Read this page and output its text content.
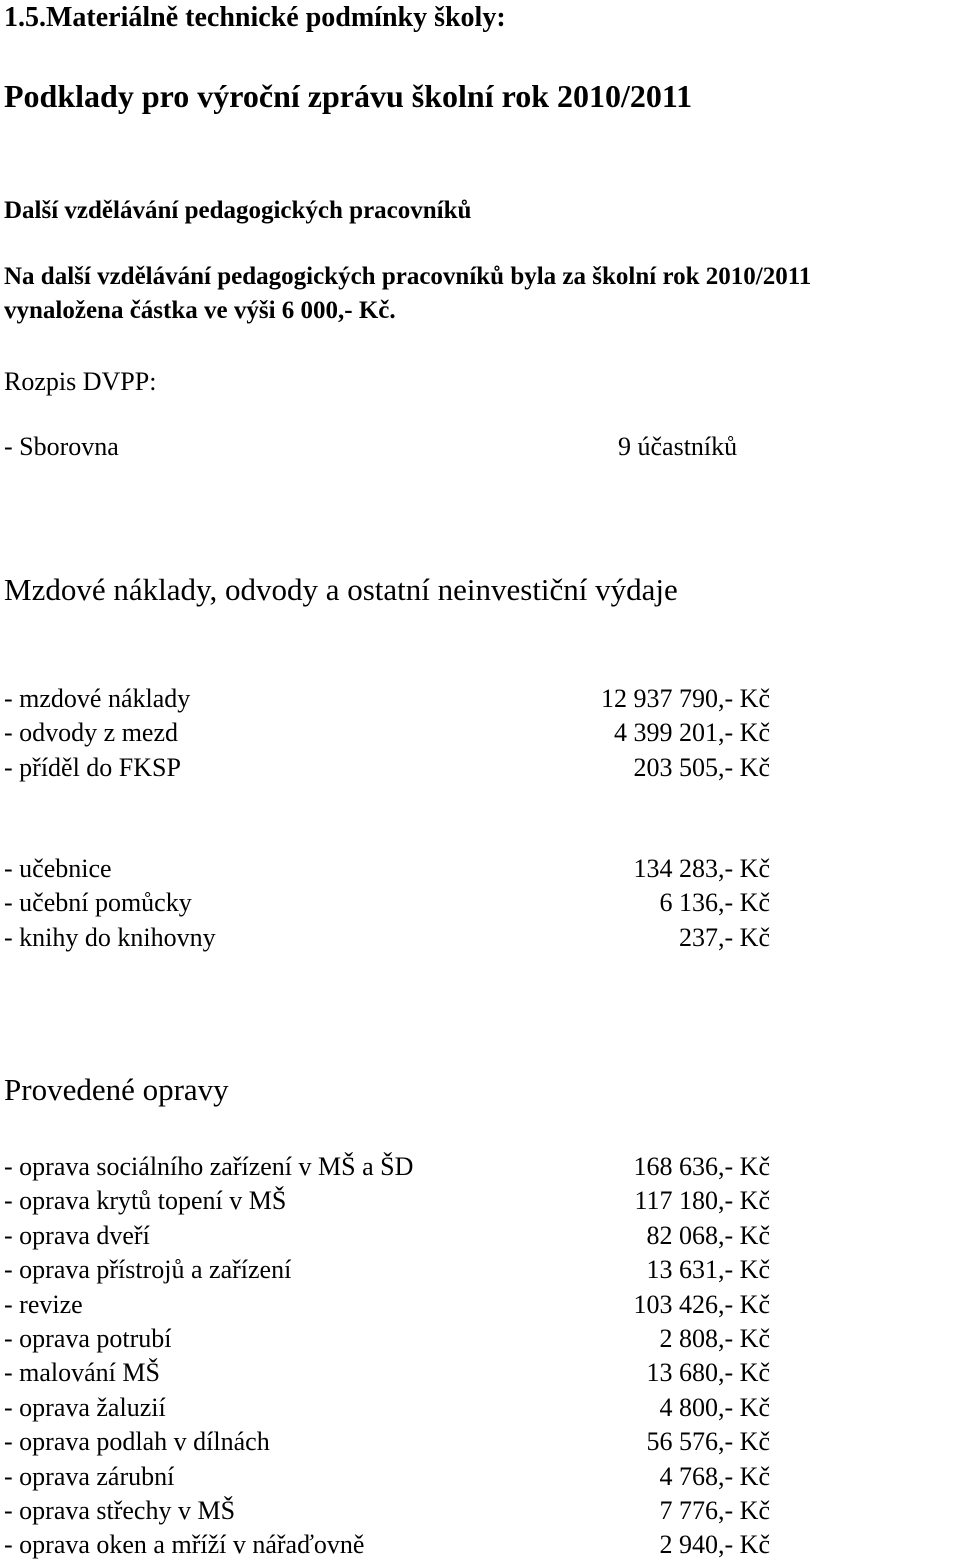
1.5.Materiálně technické podmínky školy:
Podklady pro výroční zprávu školní rok 2010/2011
Další vzdělávání pedagogických pracovníků
Na další vzdělávání pedagogických pracovníků byla za školní rok 2010/2011
vynaložena částka ve výši 6 000,- Kč.
Rozpis DVPP:
- Sborovna	9 účastníků
Mzdové náklady, odvody a ostatní neinvestiční výdaje
- mzdové náklady	12 937 790,- Kč
- odvody z mezd	4 399 201,- Kč
- příděl do FKSP	203 505,- Kč
- učebnice	134 283,- Kč
- učební pomůcky	6 136,- Kč
- knihy do knihovny	237,- Kč
Provedené opravy
- oprava sociálního zařízení v MŠ a ŠD	168 636,- Kč
- oprava krytů topení v MŠ	117 180,- Kč
- oprava dveří	82 068,- Kč
- oprava přístrojů a zařízení	13 631,- Kč
- revize	103 426,- Kč
- oprava potrubí	2 808,- Kč
- malování MŠ	13 680,- Kč
- oprava žaluzií	4 800,- Kč
- oprava podlah v dílnách	56 576,- Kč
- oprava zárubní	4 768,- Kč
- oprava střechy v MŠ	7 776,- Kč
- oprava oken a mříží v nářaďovně	2 940,- Kč
